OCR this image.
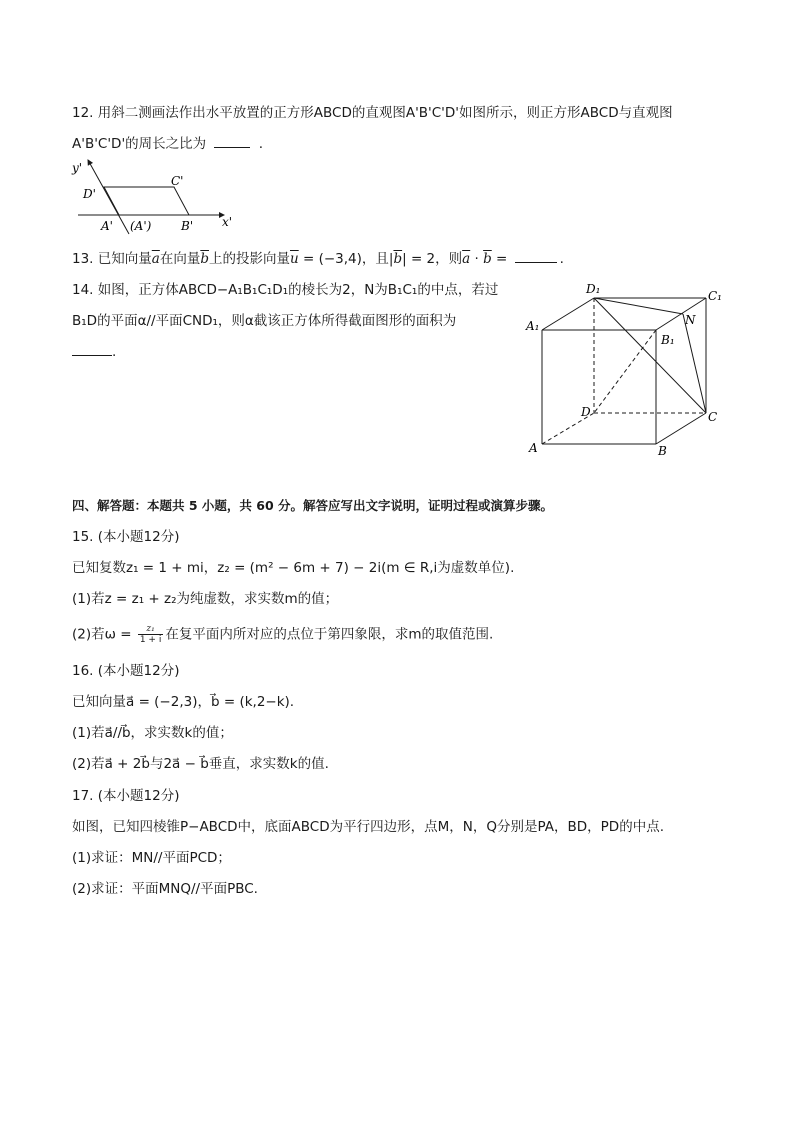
12. 用斜二测画法作出水平放置的正方形ABCD的直观图A'B'C'D'如图所示，则正方形ABCD与直观图
A'B'C'D'的周长之比为	.
y'
D'
C'
A' (A') B' x'
13. 已知向量$\overline{a}$在向量$\overline{b}$上的投影向量$\overline{u} = (-3,4)$，且$|\overline{b}| = 2$，则$\overline{a} \cdot \overline{b}$ =	.
14. 如图，正方体ABCD−A₁B₁C₁D₁的棱长为2，N为B₁C₁的中点，若过
B₁D的平面α//平面CND₁，则α截该正方体所得截面图形的面积为
.
D₁	C₁
A₁
B₁
N
D	C
A	B
四、解答题：本题共 5 小题，共 60 分。解答应写出文字说明，证明过程或演算步骤。
15. (本小题12分)
已知复数z₁ = 1 + mi，z₂ = (m² − 6m + 7) − 2i(m ∈ R,i为虚数单位).
(1)若z = z₁ + z₂为纯虚数，求实数m的值；
(2)若$\omega = \frac{\text{z₁}}{1 + i}$ 在复平面内所对应的点位于第四象限，求m的取值范围.
16. (本小题12分)
已知向量a⃗ = (−2,3)，b⃗ = (k,2−k).
(1)若a⃗//b⃗，求实数k的值；
(2)若a⃗ + 2b⃗与2a⃗ − b⃗垂直，求实数k的值.
17. (本小题12分)
如图，已知四棱锥P−ABCD中，底面ABCD为平行四边形，点M，N，Q分别是PA，BD，PD的中点.
(1)求证：MN//平面PCD；
(2)求证：平面MNQ//平面PBC.
